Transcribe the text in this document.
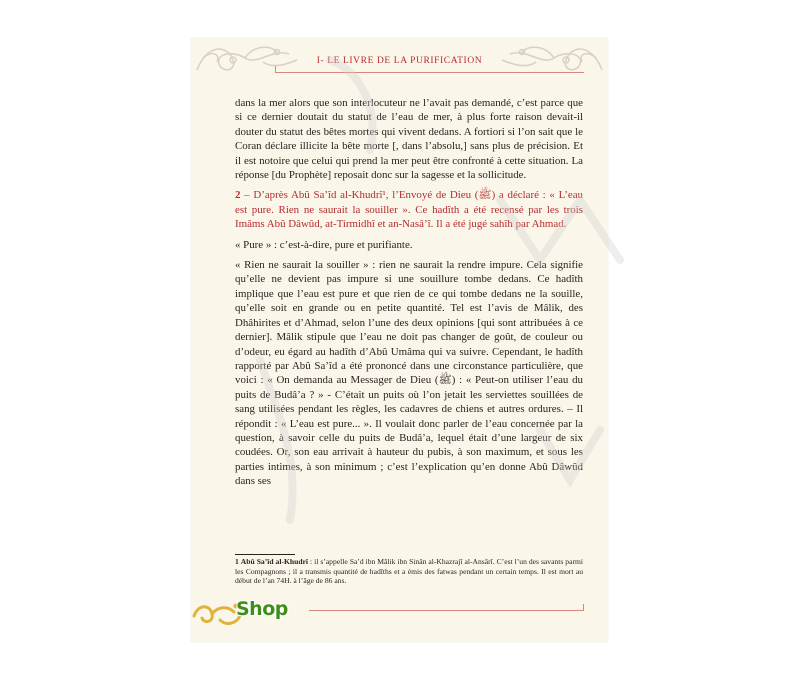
I- LE LIVRE DE LA PURIFICATION

dans la mer alors que son interlocuteur ne l’avait pas demandé, c’est parce que si ce dernier doutait du statut de l’eau de mer, à plus forte raison devait-il douter du statut des bêtes mortes qui vivent dedans. A fortiori si l’on sait que le Coran déclare illicite la bête morte [, dans l’absolu,] sans plus de précision. Et il est notoire que celui qui prend la mer peut être confronté à cette situation. La réponse [du Prophète] reposait donc sur la sagesse et la sollicitude.

2 – D’après Abû Sa’îd al-Khudrî¹, l’Envoyé de Dieu (ﷺ) a déclaré : « L’eau est pure. Rien ne saurait la souiller ». Ce hadîth a été recensé par les trois Imâms Abû Dâwûd, at-Tirmidhî et an-Nasâ’î. Il a été jugé sahîh par Ahmad.

« Pure » : c’est-à-dire, pure et purifiante.

« Rien ne saurait la souiller » : rien ne saurait la rendre impure. Cela signifie qu’elle ne devient pas impure si une souillure tombe dedans. Ce hadîth implique que l’eau est pure et que rien de ce qui tombe dedans ne la souille, qu’elle soit en grande ou en petite quantité. Tel est l’avis de Mâlik, des Dhâhirites et d’Ahmad, selon l’une des deux opinions [qui sont attribuées à ce dernier]. Mâlik stipule que l’eau ne doit pas changer de goût, de couleur ou d’odeur, eu égard au hadîth d’Abû Umâma qui va suivre. Cependant, le hadîth rapporté par Abû Sa’îd a été prononcé dans une circonstance particulière, que voici : « On demanda au Messager de Dieu (ﷺ) : « Peut-on utiliser l’eau du puits de Budâ’a ? » - C’était un puits où l’on jetait les serviettes souillées de sang utilisées pendant les règles, les cadavres de chiens et autres ordures. – Il répondit : « L’eau est pure... ». Il voulait donc parler de l’eau concernée par la question, à savoir celle du puits de Budâ’a, lequel était d’une largeur de six coudées. Or, son eau arrivait à hauteur du pubis, à son maximum, et sous les parties intimes, à son minimum ; c’est l’explication qu’en donne Abû Dâwûd dans ses

1 Abû Sa’îd al-Khudrî : il s’appelle Sa’d ibn Mâlik ibn Sinân al-Khazrajî al-Ansârî. C’est l’un des savants parmi les Compagnons ; il a transmis quantité de hadîths et a émis des fatwas pendant un certain temps. Il est mort au début de l’an 74H. à l’âge de 86 ans.
Shop
